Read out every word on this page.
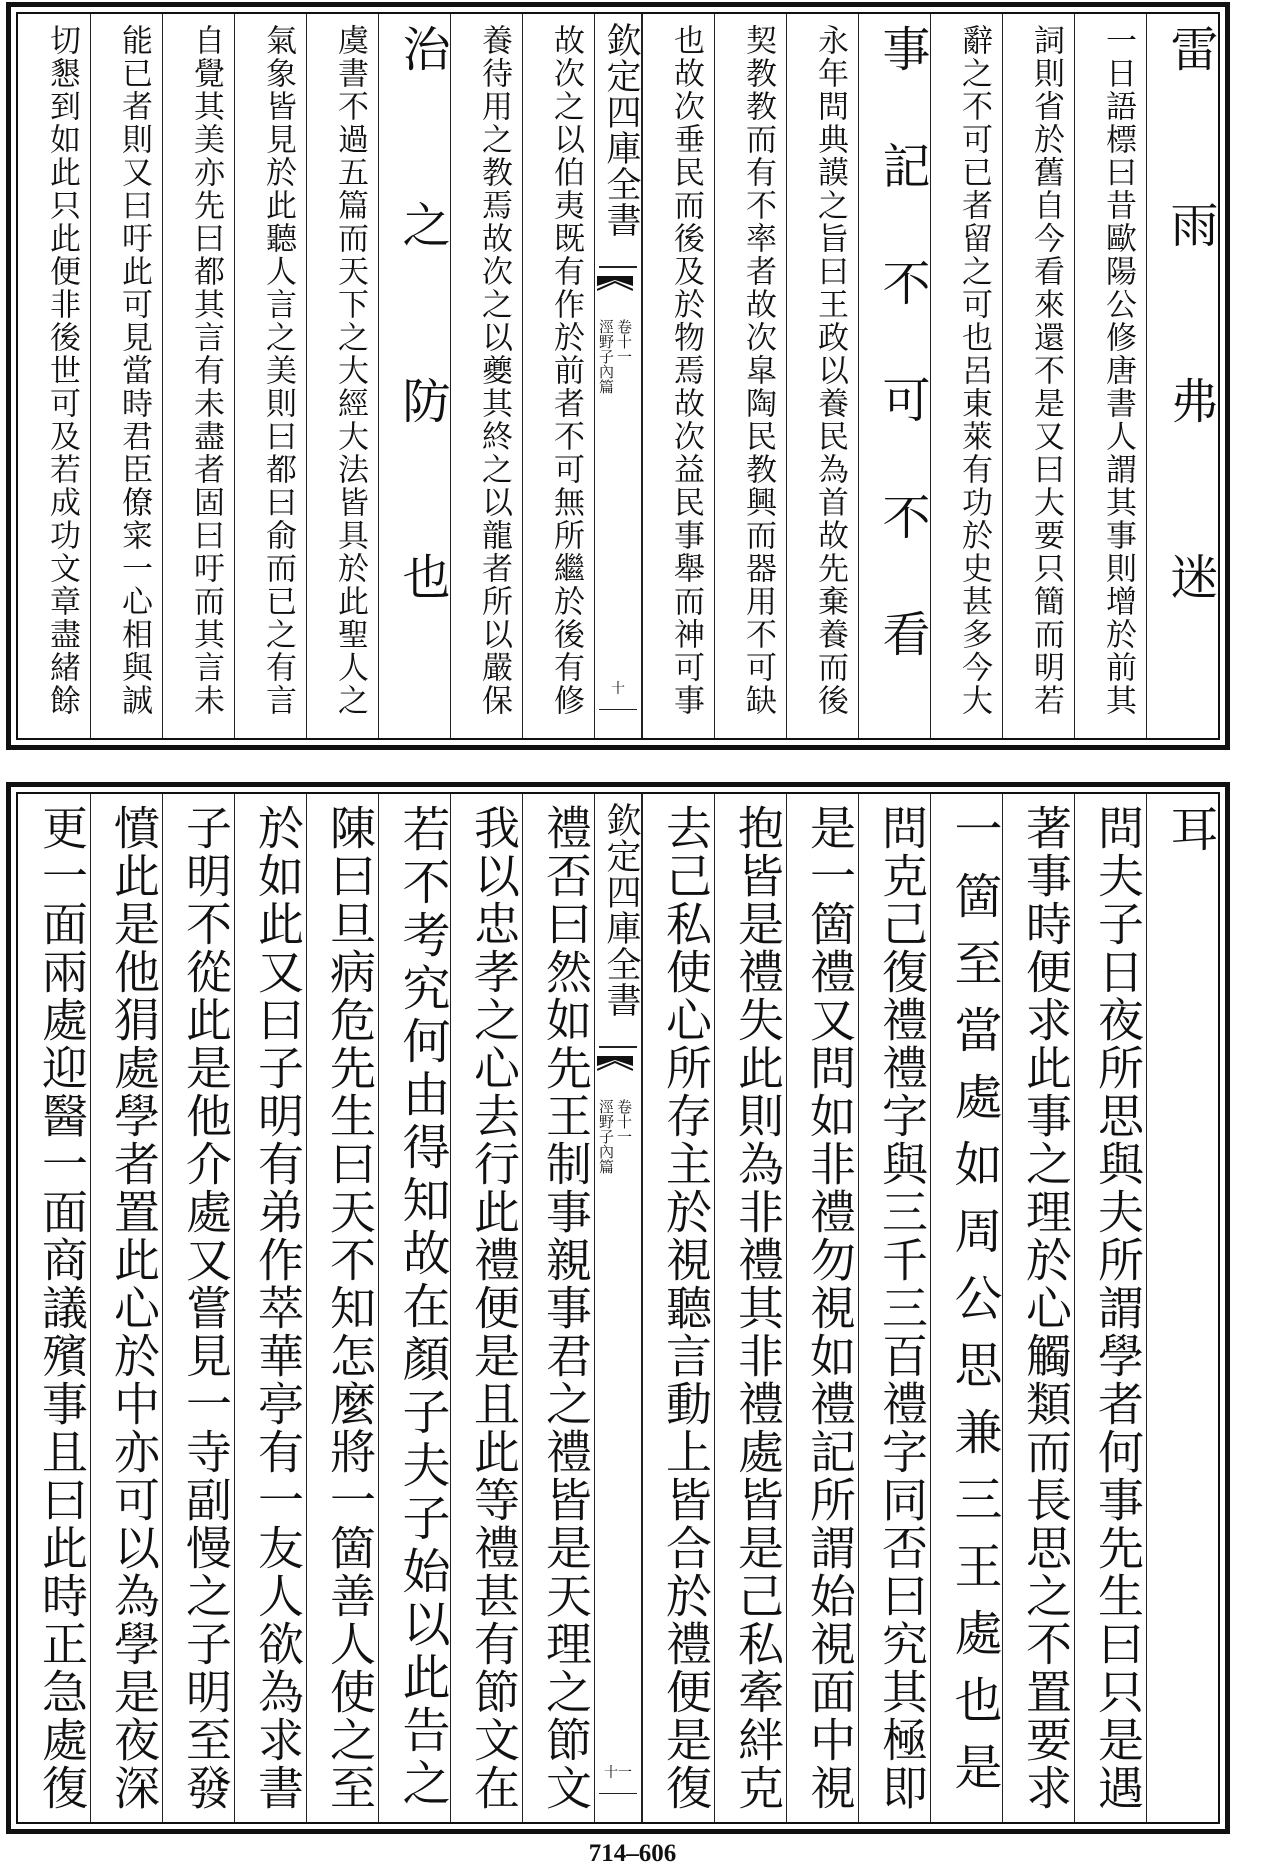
雷雨弗迷
一日語標曰昔歐陽公修唐書人謂其事則增於前其
詞則省於舊自今看來還不是又曰大要只簡而明若
辭之不可已者留之可也呂東萊有功於史甚多今大
事記不可不看
永年問典謨之旨曰王政以養民為首故先棄養而後
契教教而有不率者故次皐陶民教興而器用不可缺
也故次垂民而後及於物焉故次益民事舉而神可事
欽定四庫全書
涇野子內篇 卷十一
十
故次之以伯夷既有作於前者不可無所繼於後有修
養待用之教焉故次之以夔其終之以龍者所以嚴保
治之防也
虞書不過五篇而天下之大經大法皆具於此聖人之
氣象皆見於此聽人言之美則曰都曰俞而已之有言
自覺其美亦先曰都其言有未盡者固曰吁而其言未
能已者則又曰吁此可見當時君臣僚寀一心相與誠
切懇到如此只此便非後世可及若成功文章盡緒餘
耳
問夫子日夜所思與夫所謂學者何事先生曰只是遇
著事時便求此事之理於心觸類而長思之不置要求
一箇至當處如周公思兼三王處也是
問克己復禮禮字與三千三百禮字同否曰究其極即
是一箇禮又問如非禮勿視如禮記所謂始視面中視
抱皆是禮失此則為非禮其非禮處皆是己私牽絆克
去己私使心所存主於視聽言動上皆合於禮便是復
欽定四庫全書
涇野子內篇 卷十一
十一
禮否曰然如先王制事親事君之禮皆是天理之節文
我以忠孝之心去行此禮便是且此等禮甚有節文在
若不考究何由得知故在顏子夫子始以此告之
陳曰旦病危先生曰天不知怎麼將一箇善人使之至
於如此又曰子明有弟作萃華亭有一友人欲為求書
子明不從此是他介處又嘗見一寺副慢之子明至發
憤此是他狷處學者置此心於中亦可以為學是夜深
更一面兩處迎醫一面商議殯事且曰此時正急處復
714–606
